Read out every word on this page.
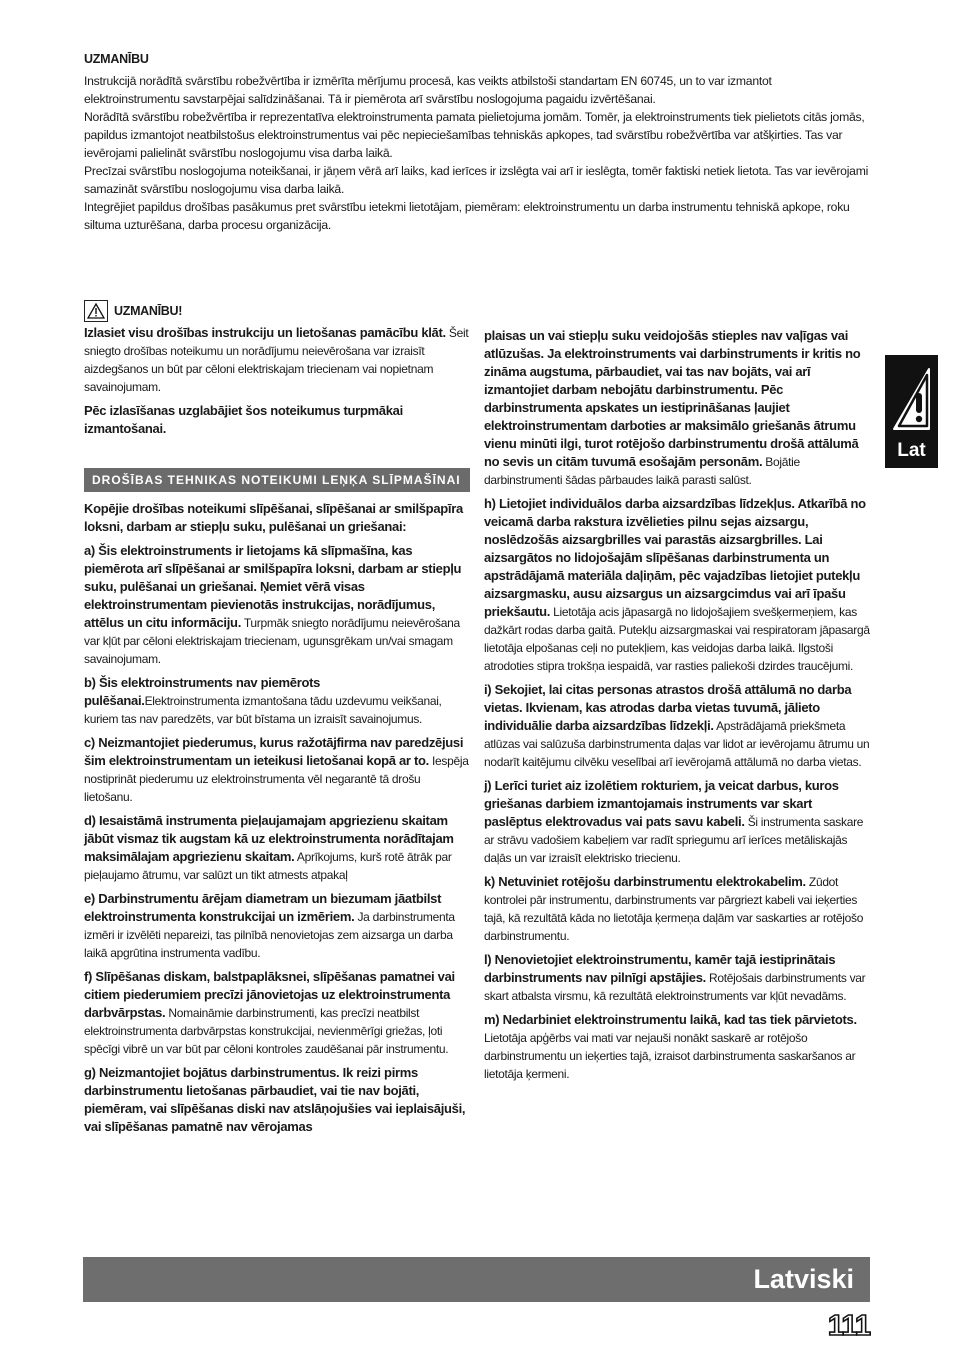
UZMANĪBU
Instrukcijā norādītā svārstību robežvērtība ir izmērīta mērījumu procesā, kas veikts atbilstoši standartam EN 60745, un to var izmantot elektroinstrumentu savstarpējai salīdzināšanai. Tā ir piemērota arī svārstību noslogojuma pagaidu izvērtēšanai.
Norādītā svārstību robežvērtība ir reprezentatīva elektroinstrumenta pamata pielietojuma jomām. Tomēr, ja elektroinstruments tiek pielietots citās jomās, papildus izmantojot neatbilstošus elektroinstrumentus vai pēc nepieciešamības tehniskās apkopes, tad svārstību robežvērtība var atšķirties. Tas var ievērojami palielināt svārstību noslogojumu visa darba laikā.
Precīzai svārstību noslogojuma noteikšanai, ir jāņem vērā arī laiks, kad ierīces ir izslēgta vai arī ir ieslēgta, tomēr faktiski netiek lietota. Tas var ievērojami samazināt svārstību noslogojumu visa darba laikā.
Integrējiet papildus drošības pasākumus pret svārstību ietekmi lietotājam, piemēram: elektroinstrumentu un darba instrumentu tehniskā apkope, roku siltuma uzturēšana, darba procesu organizācija.
UZMANĪBU!

Izlasiet visu drošības instrukciju un lietošanas pamācību klāt. Šeit sniegto drošības noteikumu un norādījumu neievērošana var izraisīt aizdegšanos un būt par cēloni elektriskajam triecienam vai nopietnam savainojumam.

Pēc izlasīšanas uzglabājiet šos noteikumus turpmākai izmantošanai.

DROŠĪBAS TEHNIKAS NOTEIKUMI LEŅĶA SLĪPMAŠĪNAI

Kopējie drošības noteikumi slīpēšanai, slīpēšanai ar smilšpapīra loksni, darbam ar stiepļu suku, pulēšanai un griešanai:

a) Šis elektroinstruments ir lietojams kā slīpmašīna, kas piemērota arī slīpēšanai ar smilšpapīra loksni, darbam ar stiepļu suku, pulēšanai un griešanai. Ņemiet vērā visas elektroinstrumentam pievienotās instrukcijas, norādījumus, attēlus un citu informāciju. Turpmāk sniegto norādījumu neievērošana var kļūt par cēloni elektriskajam triecienam, ugunsgrēkam un/vai smagam savainojumam.

b) Šis elektroinstruments nav piemērots pulēšanai.Elektroinstrumenta izmantošana tādu uzdevumu veikšanai, kuriem tas nav paredzēts, var būt bīstama un izraisīt savainojumus.

c) Neizmantojiet piederumus, kurus ražotājfirma nav paredzējusi šim elektroinstrumentam un ieteikusi lietošanai kopā ar to. Iespēja nostiprināt piederumu uz elektroinstrumenta vēl negarantē tā drošu lietošanu.

d) Iesaistāmā instrumenta pieļaujamajam apgriezienu skaitam jābūt vismaz tik augstam kā uz elektroinstrumenta norādītajam maksimālajam apgriezienu skaitam. Aprīkojums, kurš rotē ātrāk par pieļaujamo ātrumu, var salūzt un tikt atmests atpakaļ

e) Darbinstrumentu ārējam diametram un biezumam jāatbilst elektroinstrumenta konstrukcijai un izmēriem. Ja darbinstrumenta izmēri ir izvēlēti nepareizi, tas pilnībā nenovietojas zem aizsarga un darba laikā apgrūtina instrumenta vadību.

f) Slīpēšanas diskam, balstpaplāksnei, slīpēšanas pamatnei vai citiem piederumiem precīzi jānovietojas uz elektroinstrumenta darbvārpstas. Nomaināmie darbinstrumenti, kas precīzi neatbilst elektroinstrumenta darbvārpstas konstrukcijai, nevienmērīgi griežas, ļoti spēcīgi vibrē un var būt par cēloni kontroles zaudēšanai pār instrumentu.

g) Neizmantojiet bojātus darbinstrumentus. Ik reizi pirms darbinstrumentu lietošanas pārbaudiet, vai tie nav bojāti, piemēram, vai slīpēšanas diski nav atslāņojušies vai ieplaisājuši, vai slīpēšanas pamatnē nav vērojamas

plaisas un vai stiepļu suku veidojošās stieples nav vaļīgas vai atlūzušas. Ja elektroinstruments vai darbinstruments ir kritis no zināma augstuma, pārbaudiet, vai tas nav bojāts, vai arī izmantojiet darbam nebojātu darbinstrumentu. Pēc darbinstrumenta apskates un iestiprināšanas ļaujiet elektroinstrumentam darboties ar maksimālo griešanās ātrumu vienu minūti ilgi, turot rotējošo darbinstrumentu drošā attālumā no sevis un citām tuvumā esošajām personām. Bojātie darbinstrumenti šādas pārbaudes laikā parasti salūst.

h) Lietojiet individuālos darba aizsardzības līdzekļus. Atkarībā no veicamā darba rakstura izvēlieties pilnu sejas aizsargu, noslēdzošās aizsargbrilles vai parastās aizsargbrilles. Lai aizsargātos no lidojošajām slīpēšanas darbinstrumenta un apstrādājamā materiāla daļiņām, pēc vajadzības lietojiet putekļu aizsargmasku, ausu aizsargus un aizsargcimdus vai arī īpašu priekšautu. Lietotāja acis jāpasargā no lidojošajiem svešķermeņiem, kas dažkārt rodas darba gaitā. Putekļu aizsargmaskai vai respiratoram jāpasargā lietotāja elpošanas ceļi no putekļiem, kas veidojas darba laikā. Ilgstoši atrodoties stipra trokšņa iespaidā, var rasties paliekoši dzirdes traucējumi.

i) Sekojiet, lai citas personas atrastos drošā attālumā no darba vietas. Ikvienam, kas atrodas darba vietas tuvumā, jālieto individuālie darba aizsardzības līdzekļi. Apstrādājamā priekšmeta atlūzas vai salūzuša darbinstrumenta daļas var lidot ar ievērojamu ātrumu un nodarīt kaitējumu cilvēku veselībai arī ievērojamā attālumā no darba vietas.

j) Lerīci turiet aiz izolētiem rokturiem, ja veicat darbus, kuros griešanas darbiem izmantojamais instruments var skart paslēptus elektrovadus vai pats savu kabeli. Ši instrumenta saskare ar strāvu vadošiem kabeļiem var radīt spriegumu arī ierīces metāliskajās daļās un var izraisīt elektrisko triecienu.

k) Netuviniet rotējošu darbinstrumentu elektrokabelim. Zūdot kontrolei pār instrumentu, darbinstruments var pārgriezt kabeli vai ieķerties tajā, kā rezultātā kāda no lietotāja ķermeņa daļām var saskarties ar rotējošo darbinstrumentu.

l) Nenovietojiet elektroinstrumentu, kamēr tajā iestiprinātais darbinstruments nav pilnīgi apstājies. Rotējošais darbinstruments var skart atbalsta virsmu, kā rezultātā elektroinstruments var kļūt nevadāms.

m) Nedarbiniet elektroinstrumentu laikā, kad tas tiek pārvietots. Lietotāja apģērbs vai mati var nejauši nonākt saskarē ar rotējošo darbinstrumentu un ieķerties tajā, izraisot darbinstrumenta saskaršanos ar lietotāja ķermeni.

Lat
Latviski
111
